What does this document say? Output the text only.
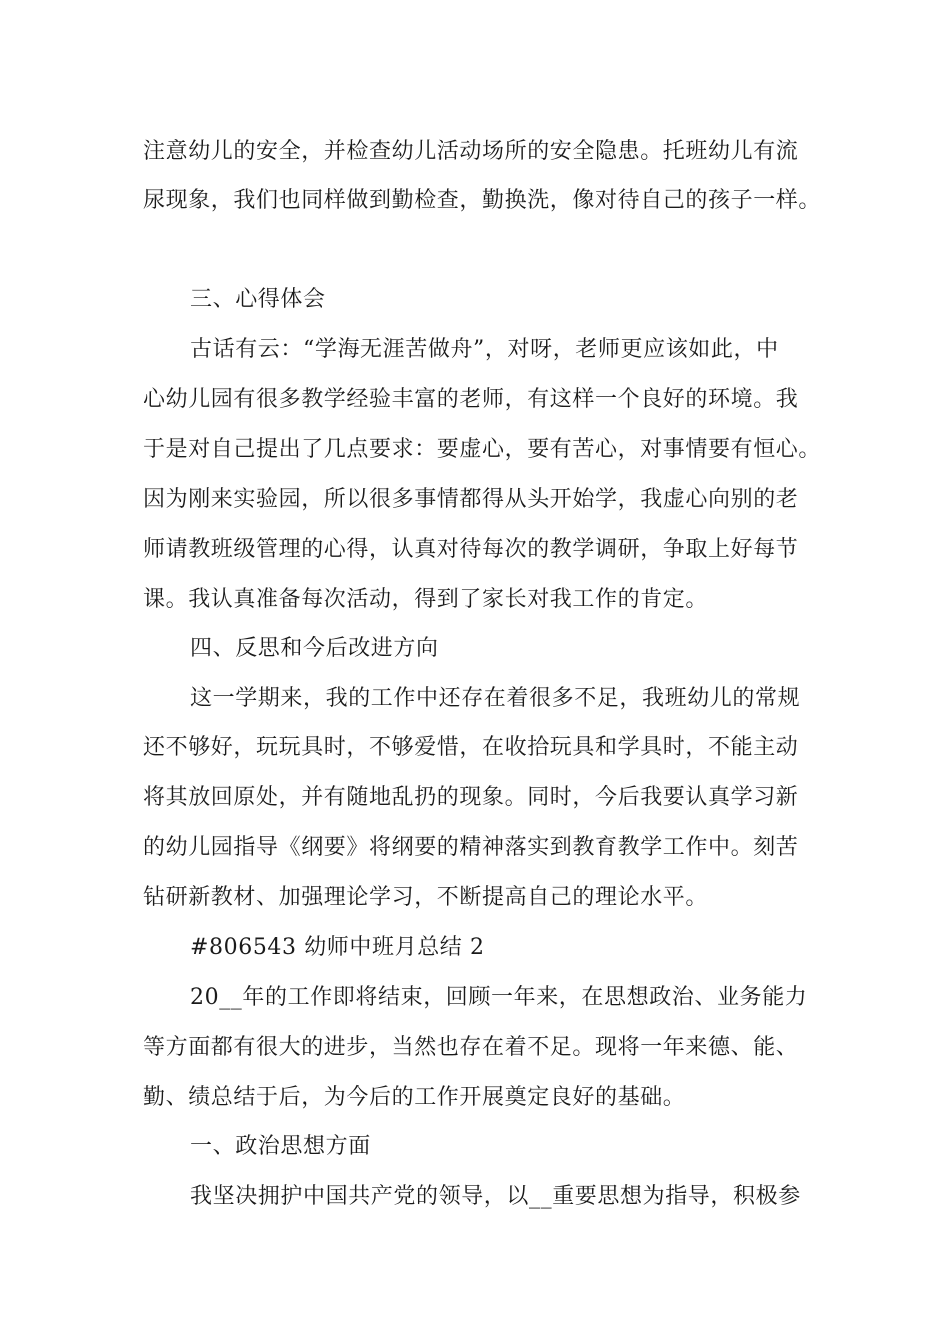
注意幼儿的安全，并检查幼儿活动场所的安全隐患。托班幼儿有流
尿现象，我们也同样做到勤检查，勤换洗，像对待自己的孩子一样。
三、心得体会
古话有云：“学海无涯苦做舟”，对呀，老师更应该如此，中
心幼儿园有很多教学经验丰富的老师，有这样一个良好的环境。我
于是对自己提出了几点要求：要虚心，要有苦心，对事情要有恒心。
因为刚来实验园，所以很多事情都得从头开始学，我虚心向别的老
师请教班级管理的心得，认真对待每次的教学调研，争取上好每节
课。我认真准备每次活动，得到了家长对我工作的肯定。
四、反思和今后改进方向
这一学期来，我的工作中还存在着很多不足，我班幼儿的常规
还不够好，玩玩具时，不够爱惜，在收拾玩具和学具时，不能主动
将其放回原处，并有随地乱扔的现象。同时，今后我要认真学习新
的幼儿园指导《纲要》将纲要的精神落实到教育教学工作中。刻苦
钻研新教材、加强理论学习，不断提高自己的理论水平。
#806543 幼师中班月总结 2
20__年的工作即将结束，回顾一年来，在思想政治、业务能力
等方面都有很大的进步，当然也存在着不足。现将一年来德、能、
勤、绩总结于后，为今后的工作开展奠定良好的基础。
一、政治思想方面
我坚决拥护中国共产党的领导，以__重要思想为指导，积极参
